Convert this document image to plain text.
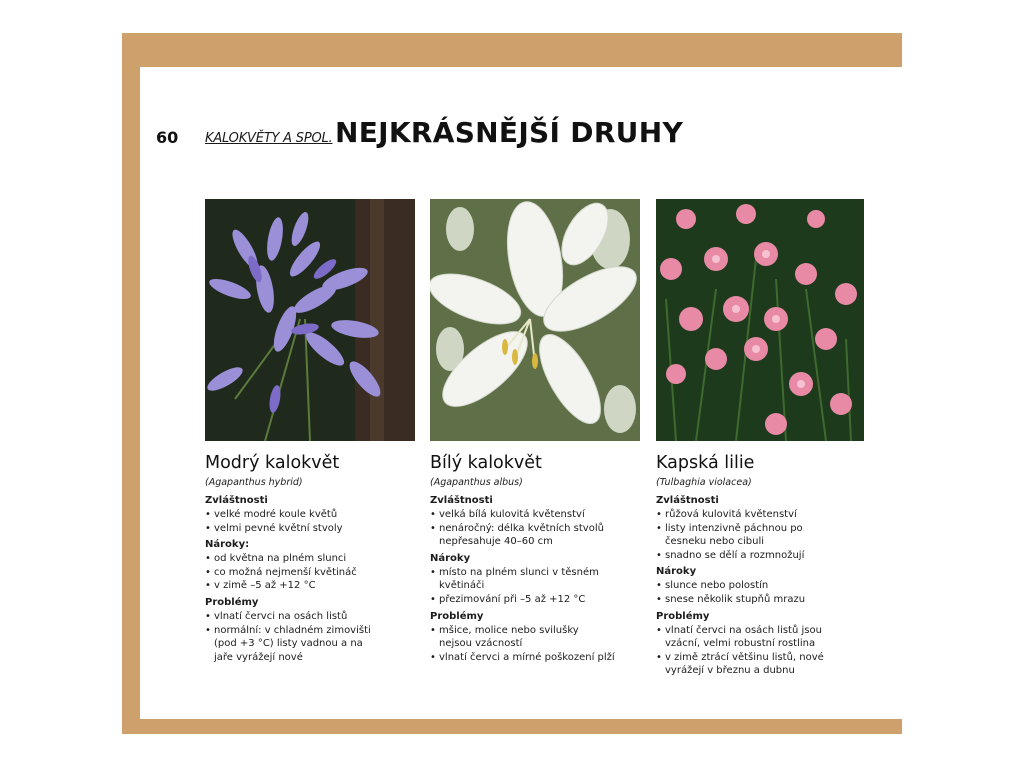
60 KALOKVĚTY A SPOL. NEJKRÁSNĚJŠÍ DRUHY
Modrý kalokvět
(Agapanthus hybrid)
Zvláštnosti
• velké modré koule květů
• velmi pevné květní stvoly
Nároky:
• od května na plném slunci
• co možná nejmenší květináč
• v zimě –5 až +12 °C
Problémy
• vlnatí červci na osách listů
• normální: v chladném zimovišti (pod +3 °C) listy vadnou a na jaře vyrážejí nové
Bílý kalokvět
(Agapanthus albus)
Zvláštnosti
• velká bílá kulovitá květenství
• nenáročný: délka květních stvolů nepřesahuje 40–60 cm
Nároky
• místo na plném slunci v těsném květináči
• přezimování při –5 až +12 °C
Problémy
• mšice, molice nebo svilušky nejsou vzácností
• vlnatí červci a mírné poškození plží
Kapská lilie
(Tulbaghia violacea)
Zvláštnosti
• růžová kulovitá květenství
• listy intenzivně páchnou po česneku nebo cibuli
• snadno se dělí a rozmnožují
Nároky
• slunce nebo polostín
• snese několik stupňů mrazu
Problémy
• vlnatí červci na osách listů jsou vzácní, velmi robustní rostlina
• v zimě ztrácí většinu listů, nové vyrážejí v březnu a dubnu
